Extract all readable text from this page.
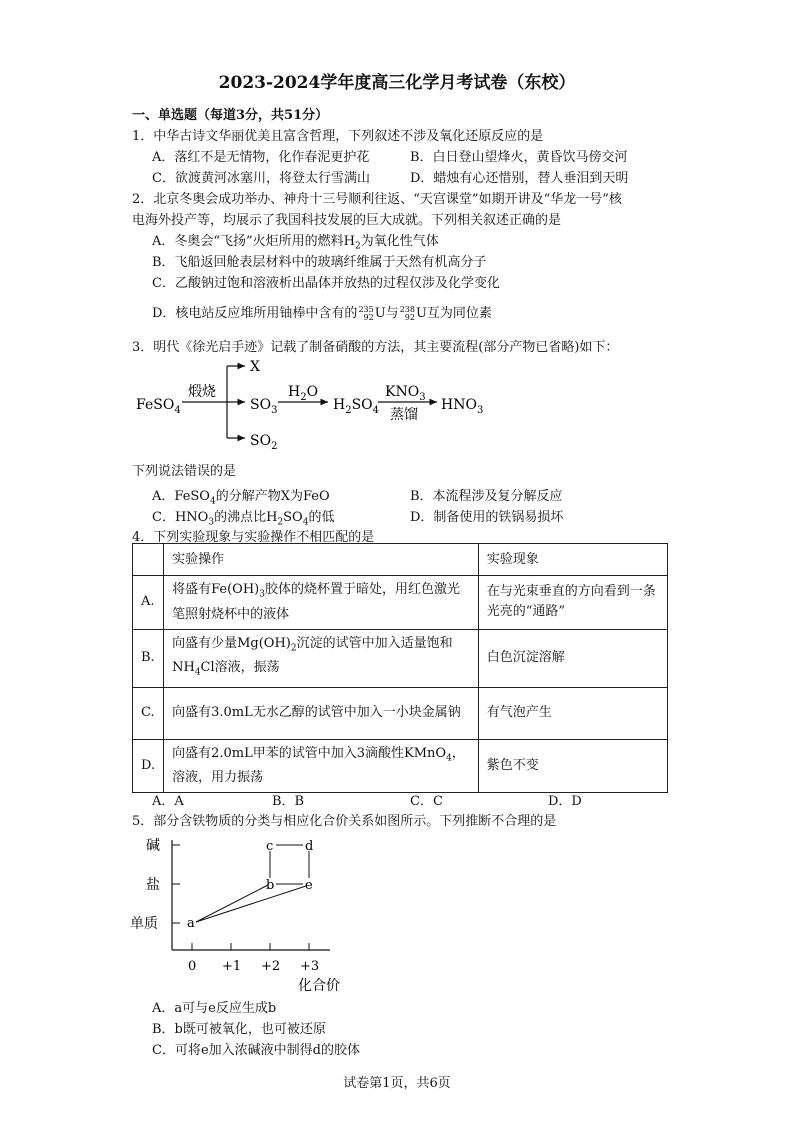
2023-2024学年度高三化学月考试卷（东校）
一、单选题（每道3分，共51分）
1．中华古诗文华丽优美且富含哲理，下列叙述不涉及氧化还原反应的是
A．落红不是无情物，化作春泥更护花	B．白日登山望烽火，黄昏饮马傍交河
C．欲渡黄河冰塞川，将登太行雪满山	D．蜡烛有心还惜别，替人垂泪到天明
2．北京冬奥会成功举办、神舟十三号顺利往返、“天宫课堂”如期开讲及“华龙一号”核
电海外投产等，均展示了我国科技发展的巨大成就。下列相关叙述正确的是
A．冬奥会“飞扬”火炬所用的燃料$H_2$为氧化性气体
B．飞船返回舱表层材料中的玻璃纤维属于天然有机高分子
C．乙酸钠过饱和溶液析出晶体并放热的过程仅涉及化学变化
D．核电站反应堆所用铀棒中含有的235
92U与238
92U互为同位素
3．明代《徐光启手迹》记载了制备硝酸的方法，其主要流程(部分产物已省略)如下：
FeSO$_4$
煅烧
X
$SO_3$
$SO_2$
$H_2O$
$H_2SO_4$
$KNO_3$
蒸馏
$HNO_3$
下列说法错误的是
A．FeSO$_4$的分解产物X为FeO	B．本流程涉及复分解反应
C．$HNO_3$的沸点比$H_2SO_4$的低	D．制备使用的铁锅易损坏
4．下列实验现象与实验操作不相匹配的是
	实验操作	实验现象
A.	将盛有$Fe(OH)_3$胶体的烧杯置于暗处，用红色激光笔照射烧杯中的液体	在与光束垂直的方向看到一条光亮的“通路”
B.	向盛有少量$Mg(OH)_2$沉淀的试管中加入适量饱和$NH_4Cl$溶液，振荡	白色沉淀溶解
C.	向盛有3.0mL无水乙醇的试管中加入一小块金属钠	有气泡产生
D.	向盛有2.0mL甲苯的试管中加入3滴酸性KMnO$_4$，溶液，用力振荡	紫色不变
A．A	B．B	C．C	D．D
5．部分含铁物质的分类与相应化合价关系如图所示。下列推断不合理的是
碱
盐
单质
0 +1 +2 +3
化合价
a
b
c d
e
A．a可与e反应生成b
B．b既可被氧化，也可被还原
C．可将e加入浓碱液中制得d的胶体
试卷第1页，共6页
